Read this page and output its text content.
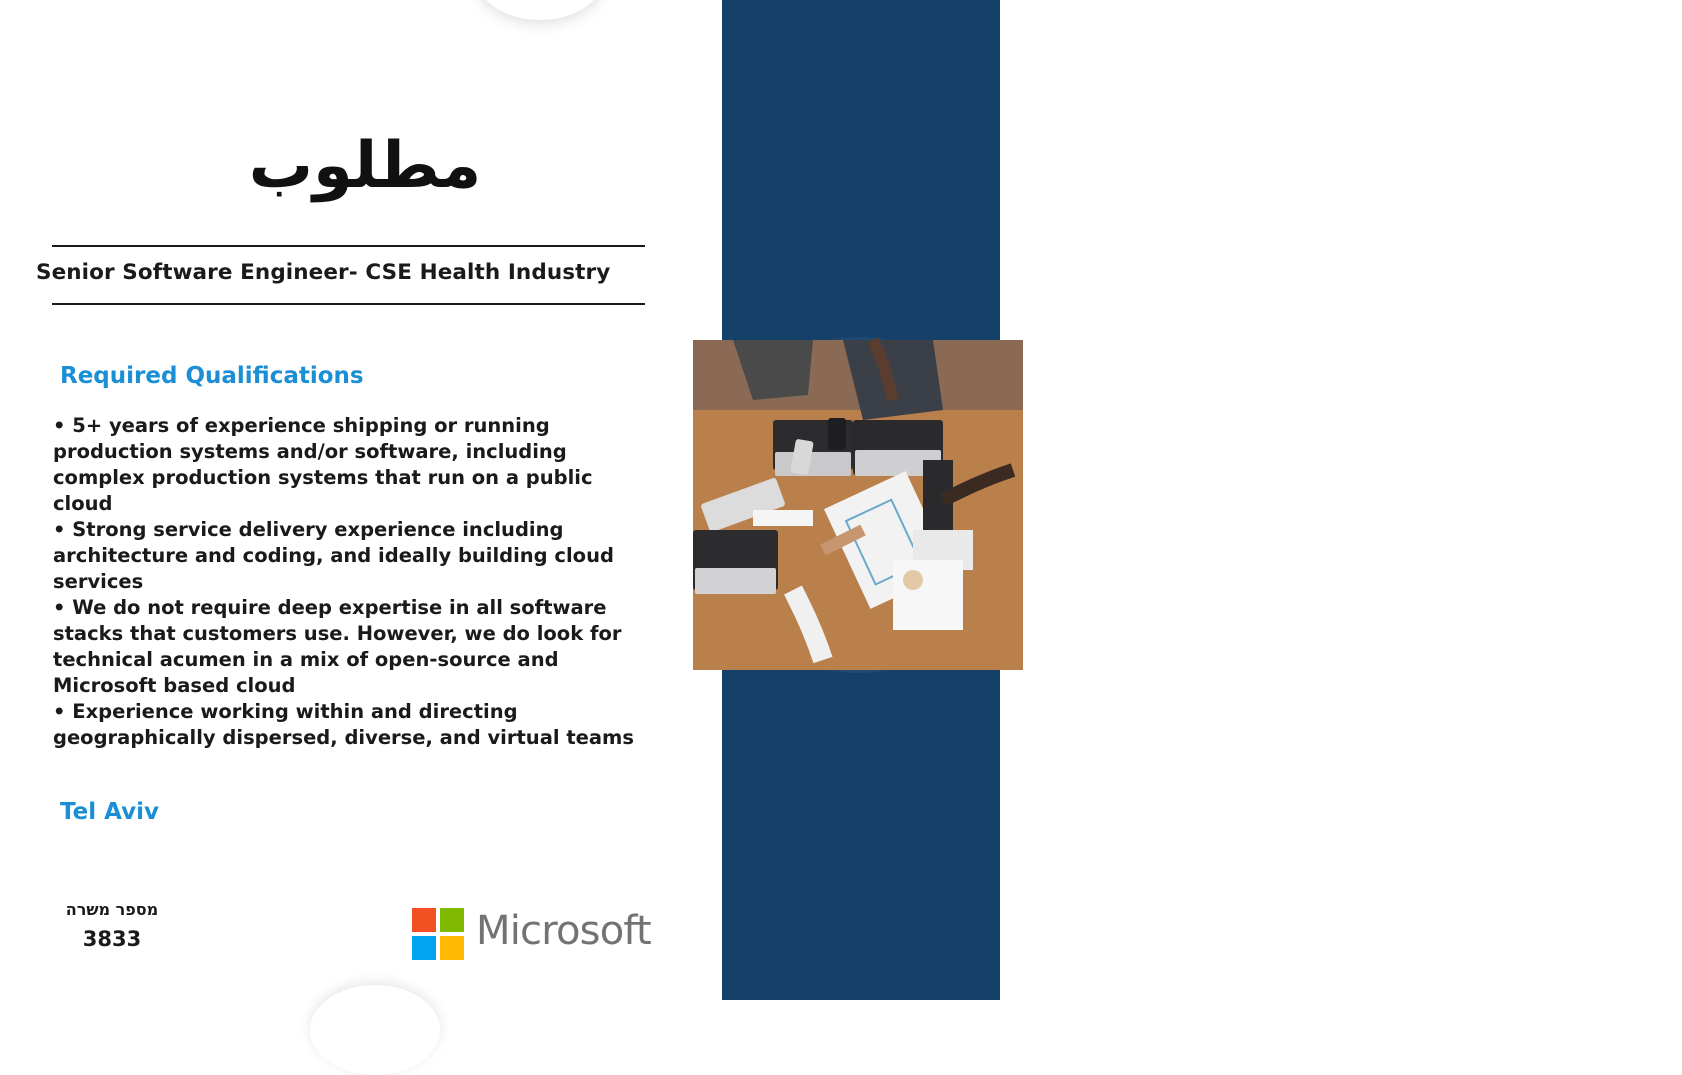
مطلوب
Senior Software Engineer- CSE Health Industry
Required Qualifications
• 5+ years of experience shipping or running production systems and/or software, including complex production systems that run on a public cloud
• Strong service delivery experience including architecture and coding, and ideally building cloud services
• We do not require deep expertise in all software stacks that customers use. However, we do look for technical acumen in a mix of open-source and Microsoft based cloud
• Experience working within and directing geographically dispersed, diverse, and virtual teams
Tel Aviv
מספר משרה
3833	Microsoft	الشراكة لتعزيز العمل
في المجتمع العربي
